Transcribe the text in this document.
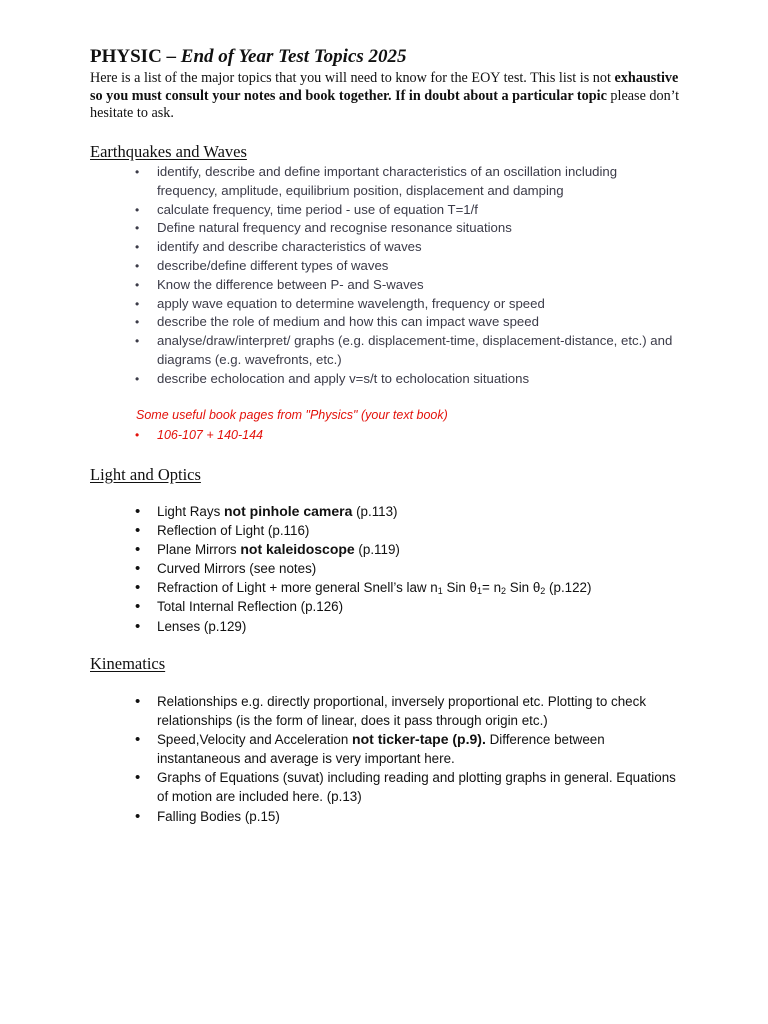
PHYSIC – End of Year Test Topics 2025

Here is a list of the major topics that you will need to know for the EOY test. This list is not exhaustive so you must consult your notes and book together. If in doubt about a particular topic please don’t hesitate to ask.

Earthquakes and Waves
• identify, describe and define important characteristics of an oscillation including frequency, amplitude, equilibrium position, displacement and damping
• calculate frequency, time period - use of equation T=1/f
• Define natural frequency and recognise resonance situations
• identify and describe characteristics of waves
• describe/define different types of waves
• Know the difference between P- and S-waves
• apply wave equation to determine wavelength, frequency or speed
• describe the role of medium and how this can impact wave speed
• analyse/draw/interpret/ graphs (e.g. displacement-time, displacement-distance, etc.) and diagrams (e.g. wavefronts, etc.)
• describe echolocation and apply v=s/t to echolocation situations

Some useful book pages from "Physics" (your text book)

• 106-107 + 140-144
Light and Optics
• Light Rays not pinhole camera (p.113)
• Reflection of Light (p.116)
• Plane Mirrors not kaleidoscope (p.119)
• Curved Mirrors (see notes)
• Refraction of Light + more general Snell’s law $n_1$ Sin $\theta_1= n_2$ Sin $\theta_2$ (p.122)
• Total Internal Reflection (p.126)
• Lenses (p.129)
Kinematics
• Relationships e.g. directly proportional, inversely proportional etc. Plotting to check relationships (is the form of linear, does it pass through origin etc.)
• Speed,Velocity and Acceleration not ticker-tape (p.9). Difference between instantaneous and average is very important here.
• Graphs of Equations (suvat) including reading and plotting graphs in general. Equations of motion are included here. (p.13)
• Falling Bodies (p.15)
